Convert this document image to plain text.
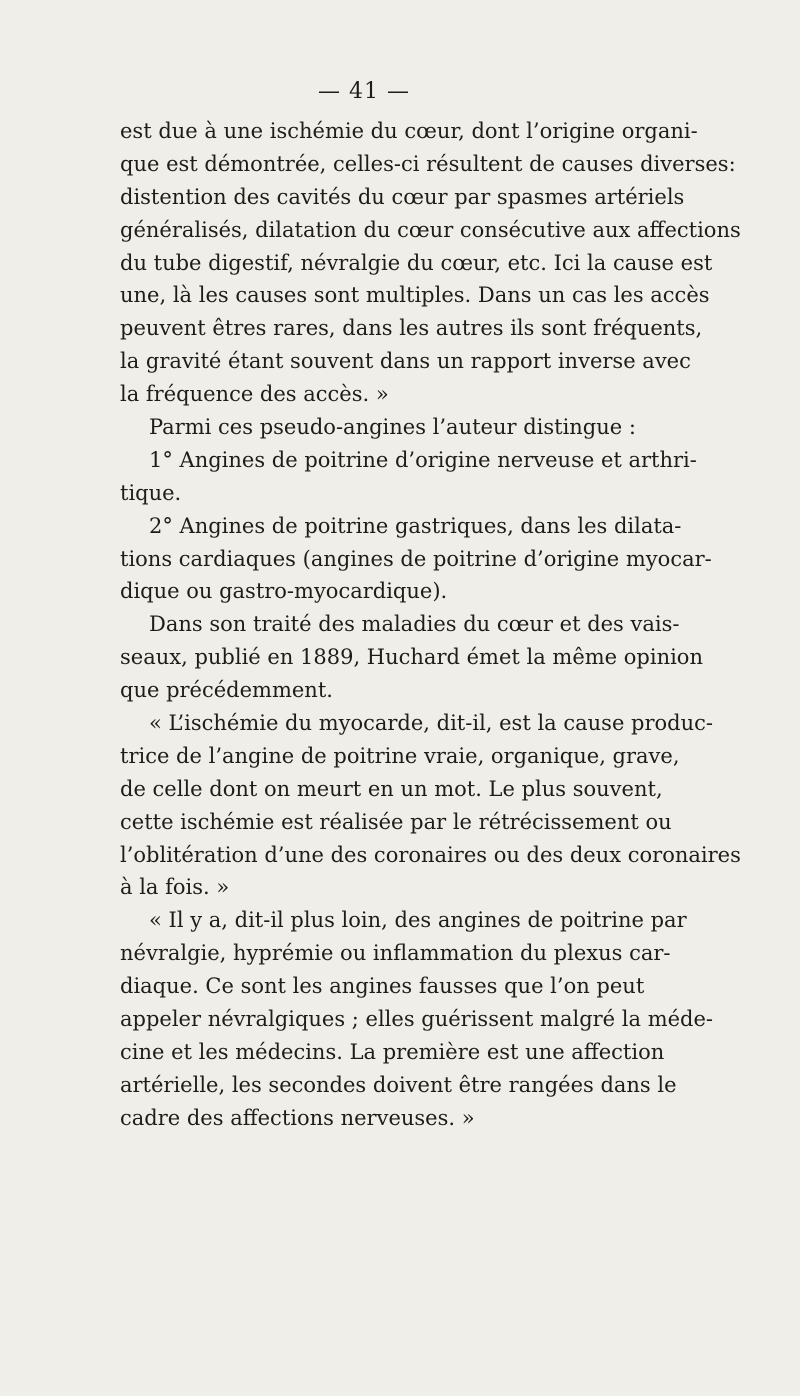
— 41 —
est due à une ischémie du cœur, dont l’origine organi-
que est démontrée, celles-ci résultent de causes diverses:
distention des cavités du cœur par spasmes artériels
généralisés, dilatation du cœur consécutive aux affections
du tube digestif, névralgie du cœur, etc. Ici la cause est
une, là les causes sont multiples. Dans un cas les accès
peuvent êtres rares, dans les autres ils sont fréquents,
la gravité étant souvent dans un rapport inverse avec
la fréquence des accès. »
Parmi ces pseudo-angines l’auteur distingue :
1° Angines de poitrine d’origine nerveuse et arthri-
tique.
2° Angines de poitrine gastriques, dans les dilata-
tions cardiaques (angines de poitrine d’origine myocar-
dique ou gastro-myocardique).
Dans son traité des maladies du cœur et des vais-
seaux, publié en 1889, Huchard émet la même opinion
que précédemment.
« L’ischémie du myocarde, dit-il, est la cause produc-
trice de l’angine de poitrine vraie, organique, grave,
de celle dont on meurt en un mot. Le plus souvent,
cette ischémie est réalisée par le rétrécissement ou
l’oblitération d’une des coronaires ou des deux coronaires
à la fois. »
« Il y a, dit-il plus loin, des angines de poitrine par
névralgie, hyprémie ou inflammation du plexus car-
diaque. Ce sont les angines fausses que l’on peut
appeler névralgiques ; elles guérissent malgré la méde-
cine et les médecins. La première est une affection
artérielle, les secondes doivent être rangées dans le
cadre des affections nerveuses. »
